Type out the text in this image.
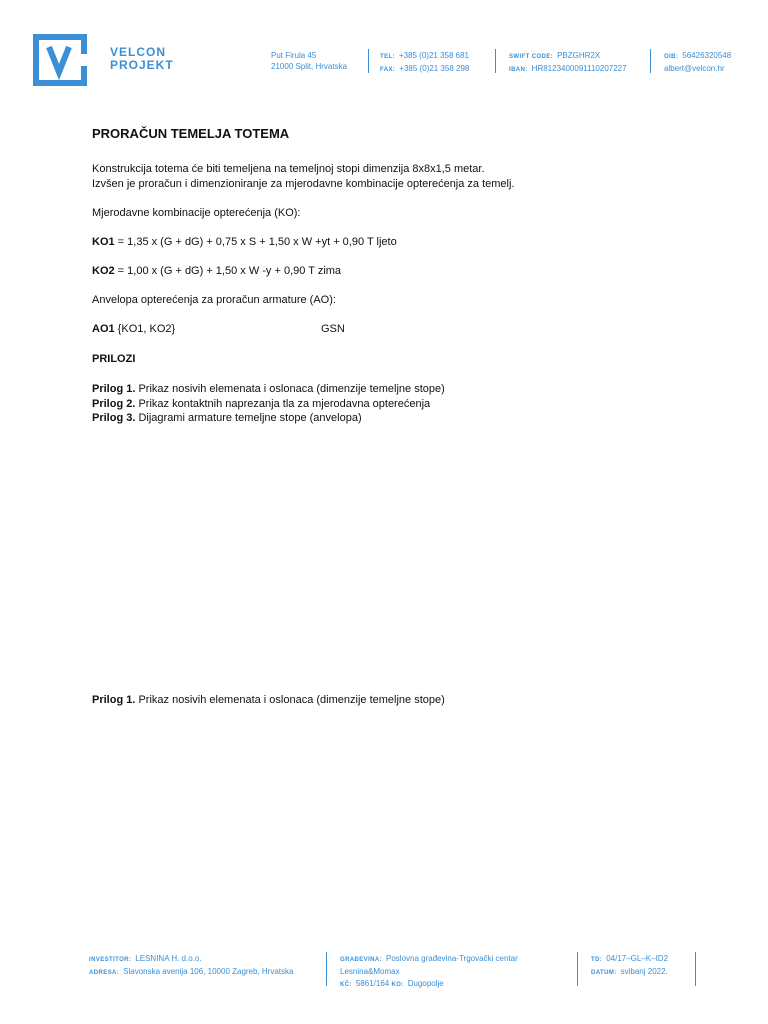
VELCON
PROJEKT
Put Firula 45
21000 Split, Hrvatska
TEL: +385 (0)21 358 681
FAX: +385 (0)21 358 298
SWIFT CODE: PBZGHR2X
IBAN: HR8123400091110207227
OIB: 56426320548
albert@velcon.hr
PRORAČUN TEMELJA TOTEMA
Konstrukcija totema će biti temeljena na temeljnoj stopi dimenzija 8x8x1,5 metar.
Izvšen je proračun i dimenzioniranje za mjerodavne kombinacije opterećenja za temelj.
Mjerodavne kombinacije opterećenja (KO):
KO1 = 1,35 x (G + dG) + 0,75 x S + 1,50 x W +yt + 0,90 T ljeto
KO2 = 1,00 x (G + dG) + 1,50 x W -y + 0,90 T zima
Anvelopa opterećenja za proračun armature (AO):
AO1 {KO1, KO2}	GSN
PRILOZI
Prilog 1. Prikaz nosivih elemenata i oslonaca (dimenzije temeljne stope)
Prilog 2. Prikaz kontaktnih naprezanja tla za mjerodavna opterećenja
Prilog 3. Dijagrami armature temeljne stope (anvelopa)
Prilog 1. Prikaz nosivih elemenata i oslonaca (dimenzije temeljne stope)
INVESTITOR: LESNINA H. d.o.o.
ADRESA: Slavonska avenija 106, 10000 Zagreb, Hrvatska
GRAĐEVINA: Poslovna građevina-Trgovački centar
Lesnina&Momax
KČ: 5861/164 KO: Dugopolje
TD: 04/17–GL–K–ID2
DATUM: svibanj 2022.
